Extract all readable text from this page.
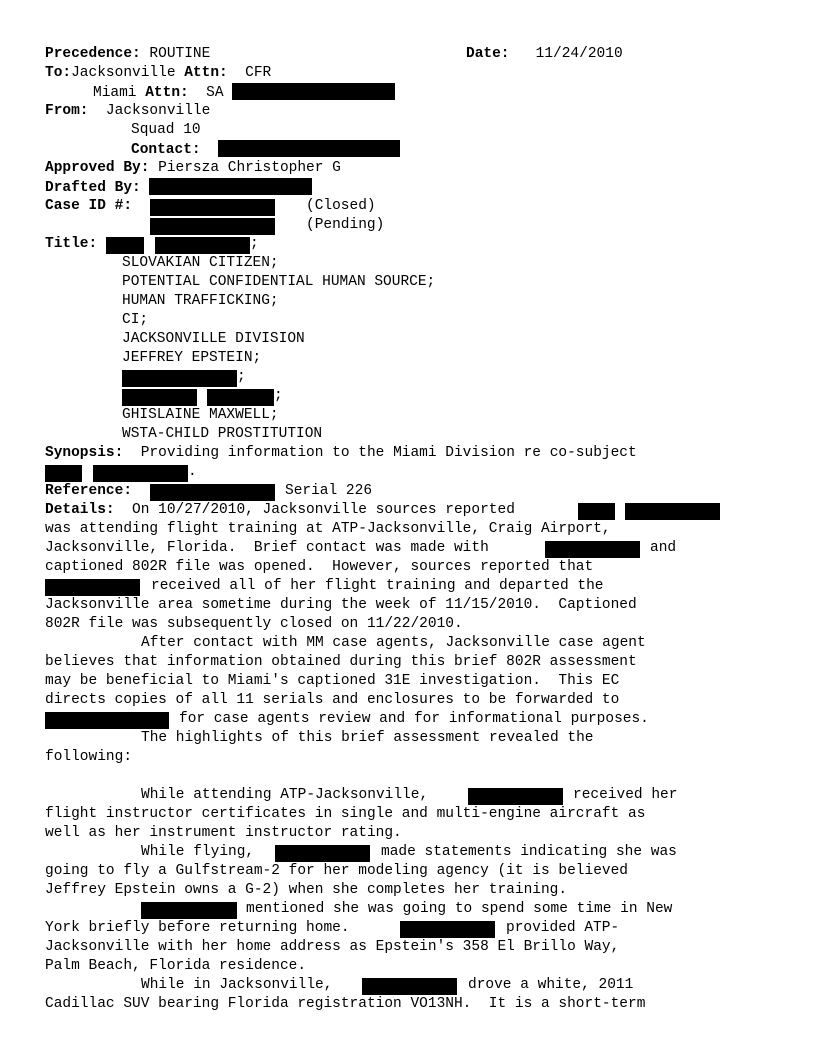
Precedence: ROUTINE	Date: 11/24/2010
To:Jacksonville Attn: CFR
Miami Attn: SA
From: Jacksonville
Squad 10
Contact:
Approved By: Piersza Christopher G
Drafted By:
Case ID #:	(Closed)
(Pending)
Title:	;
SLOVAKIAN CITIZEN;
POTENTIAL CONFIDENTIAL HUMAN SOURCE;
HUMAN TRAFFICKING;
CI;
JACKSONVILLE DIVISION
JEFFREY EPSTEIN;
;
;
GHISLAINE MAXWELL;
WSTA-CHILD PROSTITUTION
Synopsis: Providing information to the Miami Division re co-subject
.
Reference:	Serial 226
Details: On 10/27/2010, Jacksonville sources reported
was attending flight training at ATP-Jacksonville, Craig Airport,
Jacksonville, Florida.  Brief contact was made with	and
captioned 802R file was opened.  However, sources reported that
received all of her flight training and departed the
Jacksonville area sometime during the week of 11/15/2010.  Captioned
802R file was subsequently closed on 11/22/2010.
After contact with MM case agents, Jacksonville case agent
believes that information obtained during this brief 802R assessment
may be beneficial to Miami's captioned 31E investigation.  This EC
directs copies of all 11 serials and enclosures to be forwarded to
for case agents review and for informational purposes.
The highlights of this brief assessment revealed the
following:
While attending ATP-Jacksonville,	received her
flight instructor certificates in single and multi-engine aircraft as
well as her instrument instructor rating.
While flying,	made statements indicating she was
going to fly a Gulfstream-2 for her modeling agency (it is believed
Jeffrey Epstein owns a G-2) when she completes her training.
mentioned she was going to spend some time in New
York briefly before returning home.	provided ATP-
Jacksonville with her home address as Epstein's 358 El Brillo Way,
Palm Beach, Florida residence.
While in Jacksonville,	drove a white, 2011
Cadillac SUV bearing Florida registration VO13NH.  It is a short-term
